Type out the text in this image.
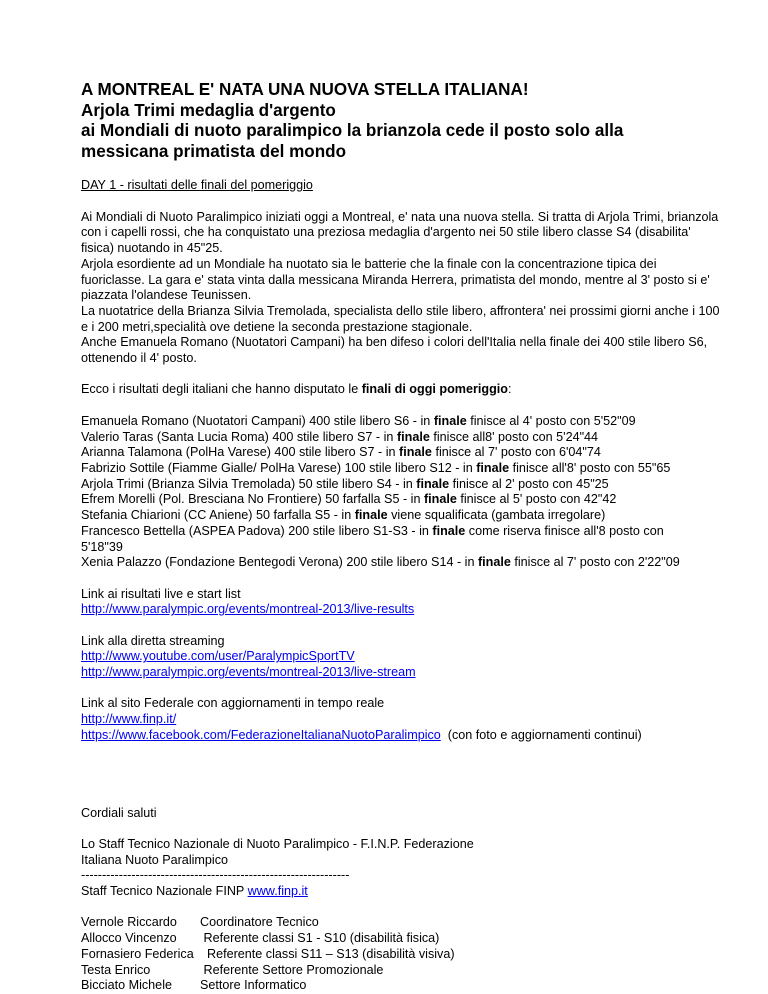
A MONTREAL E' NATA UNA NUOVA STELLA ITALIANA!
Arjola Trimi medaglia d'argento
ai Mondiali di nuoto paralimpico la brianzola cede il posto solo alla
messicana primatista del mondo

DAY 1 - risultati delle finali del pomeriggio

Ai Mondiali di Nuoto Paralimpico iniziati oggi a Montreal, e' nata una nuova stella. Si tratta di Arjola Trimi, brianzola con i capelli rossi, che ha conquistato una preziosa medaglia d'argento nei 50 stile libero classe S4 (disabilita' fisica) nuotando in 45"25.

Arjola esordiente ad un Mondiale ha nuotato sia le batterie che la finale con la concentrazione tipica dei fuoriclasse. La gara e' stata vinta dalla messicana Miranda Herrera, primatista del mondo, mentre al 3' posto si e' piazzata l'olandese Teunissen.

La nuotatrice della Brianza Silvia Tremolada, specialista dello stile libero, affrontera' nei prossimi giorni anche i 100 e i 200 metri,specialità ove detiene la seconda prestazione stagionale.

Anche Emanuela Romano (Nuotatori Campani) ha ben difeso i colori dell'Italia nella finale dei 400 stile libero S6, ottenendo il 4' posto.

Ecco i risultati degli italiani che hanno disputato le finali di oggi pomeriggio:

Emanuela Romano (Nuotatori Campani) 400 stile libero S6 - in finale finisce al 4' posto con 5'52"09
Valerio Taras (Santa Lucia Roma) 400 stile libero S7 - in finale finisce all8' posto con 5'24"44
Arianna Talamona (PolHa Varese) 400 stile libero S7 - in finale finisce al 7' posto con 6'04"74
Fabrizio Sottile (Fiamme Gialle/ PolHa Varese) 100 stile libero S12 - in finale finisce all'8' posto con 55"65
Arjola Trimi (Brianza Silvia Tremolada) 50 stile libero S4 - in finale finisce al 2' posto con 45"25
Efrem Morelli (Pol. Bresciana No Frontiere) 50 farfalla S5 - in finale finisce al 5' posto con 42"42
Stefania Chiarioni (CC Aniene) 50 farfalla S5 - in finale viene squalificata (gambata irregolare)
Francesco Bettella (ASPEA Padova) 200 stile libero S1-S3 - in finale come riserva finisce all'8 posto con 5'18"39
Xenia Palazzo (Fondazione Bentegodi Verona) 200 stile libero S14 - in finale finisce al 7' posto con 2'22"09
Link ai risultati live e start list
http://www.paralympic.org/events/montreal-2013/live-results
Link alla diretta streaming
http://www.youtube.com/user/ParalympicSportTV
http://www.paralympic.org/events/montreal-2013/live-stream
Link al sito Federale con aggiornamenti in tempo reale
http://www.finp.it/
https://www.facebook.com/FederazioneItalianaNuotoParalimpico  (con foto e aggiornamenti continui)
Cordiali saluti
Lo Staff Tecnico Nazionale di Nuoto Paralimpico - F.I.N.P. Federazione
Italiana Nuoto Paralimpico
----------------------------------------------------------------
Staff Tecnico Nazionale FINP www.finp.it
Vernole Riccardo	Coordinatore Tecnico
Allocco Vincenzo	Referente classi S1 - S10 (disabilità fisica)
Fornasiero Federica Referente classi S11 – S13 (disabilità visiva)
Testa Enrico	Referente Settore Promozionale
Bicciato Michele	Settore Informatico
